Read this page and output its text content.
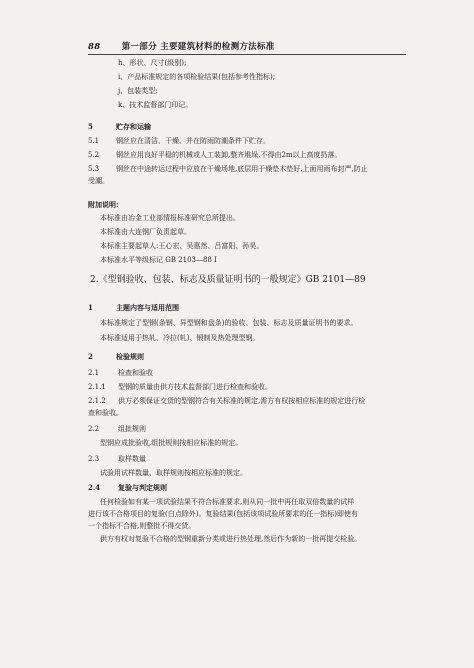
88	第一部分 主要建筑材料的检测方法标准
h、形状、尺寸(级别);
i、产品标准规定的各项检验结果(包括参考性指标);
j、包装类型;
k、技术监督部门印记。
5	贮存和运输
5.1 钢丝应在清洁、干燥、并在防雨防潮条件下贮存。
5.2 钢丝应用良好平稳的机械或人工装卸,整齐堆垛,不得由2m以上高度扔落。
5.3 钢丝在中途转运过程中应放在干燥场地,底层用于燥垫木垫好,上面用雨布封严,防止
受潮。
附加说明:
本标准由冶金工业部情报标准研究总所提出。
本标准由大连钢厂负责起草。
本标准主要起草人:王心宏、吴惠然、吕富阳、孙昊。
本标准水平等级标记 GB 2103—88 I
2.《型钢验收、包装、标志及质量证明书的一般规定》GB 2101—89
1	主题内容与适用范围
本标准规定了型钢(条钢、异型钢和盘条)的验收、包装、标志及质量证明书的要求。
本标准适用于热轧、冷拉(轧)、锻制及热处理型钢。
2	检验规则
2.1	检查和验收
2.1.1 型钢的质量由供方技术监督部门进行检查和验收。
2.1.2 供方必须保证交货的型钢符合有关标准的规定,需方有权按相应标准的规定进行检
查和验收。
2.2	组批规则
型钢应成批验收,组批规则按相应标准的规定。
2.3	取样数量
试验用试样数量、取样规则按相应标准的规定。
2.4	复验与判定规则
任何检验如有某一项试验结果不符合标准要求,则从同一批中再任取双倍数量的试样
进行该不合格项目的复验(白点除外)。复验结果(包括该项试验所要求的任一指标)即使有
一个指标不合格,则整批不得交货。
供方有权对复验不合格的型钢重新分类或进行热处理,然后作为新的一批再提交检验。
